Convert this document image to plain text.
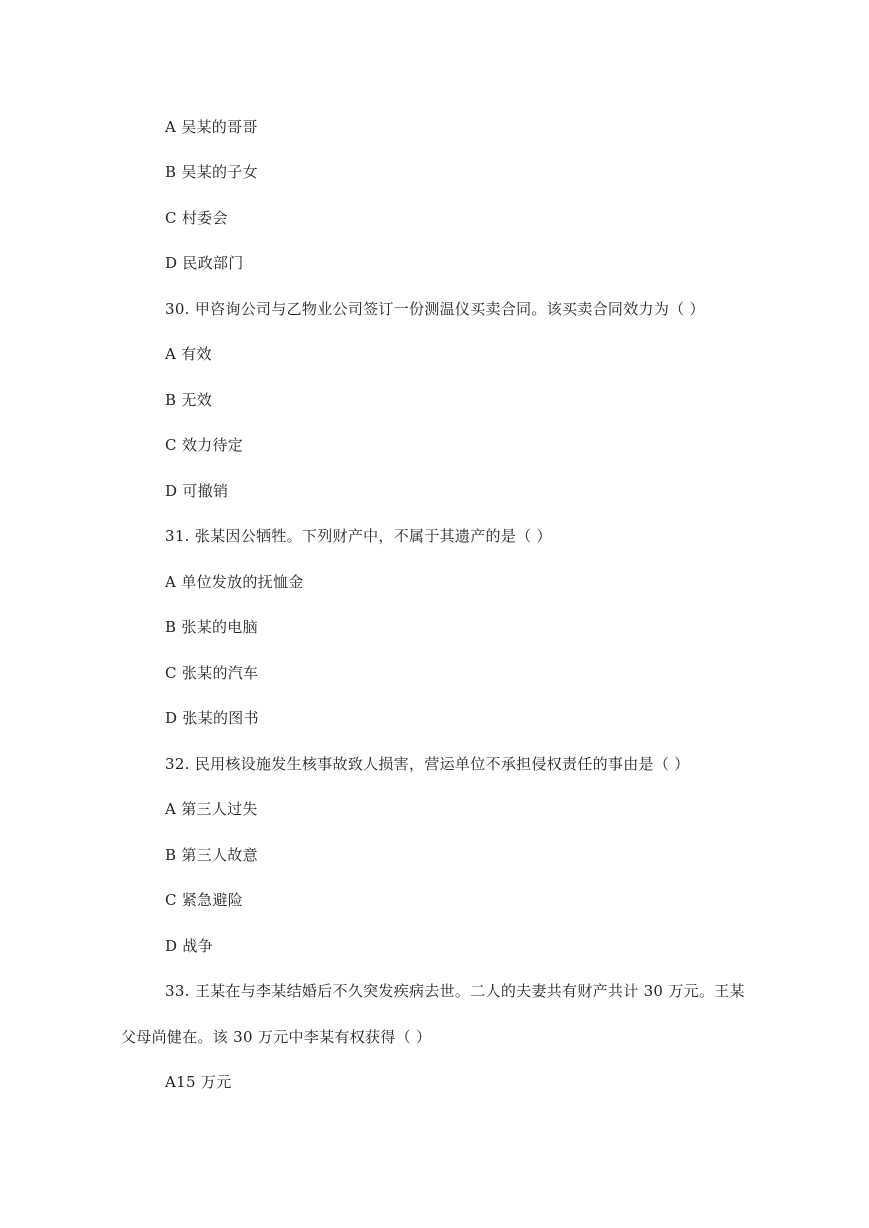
A 吴某的哥哥
B 吴某的子女
C 村委会
D 民政部门
30. 甲咨询公司与乙物业公司签订一份测温仪买卖合同。该买卖合同效力为（ ）
A 有效
B 无效
C 效力待定
D 可撤销
31. 张某因公牺牲。下列财产中，不属于其遗产的是（ ）
A 单位发放的抚恤金
B 张某的电脑
C 张某的汽车
D 张某的图书
32. 民用核设施发生核事故致人损害，营运单位不承担侵权责任的事由是（ ）
A 第三人过失
B 第三人故意
C 紧急避险
D 战争
33. 王某在与李某结婚后不久突发疾病去世。二人的夫妻共有财产共计 30 万元。王某
父母尚健在。该 30 万元中李某有权获得（ ）
A15 万元
